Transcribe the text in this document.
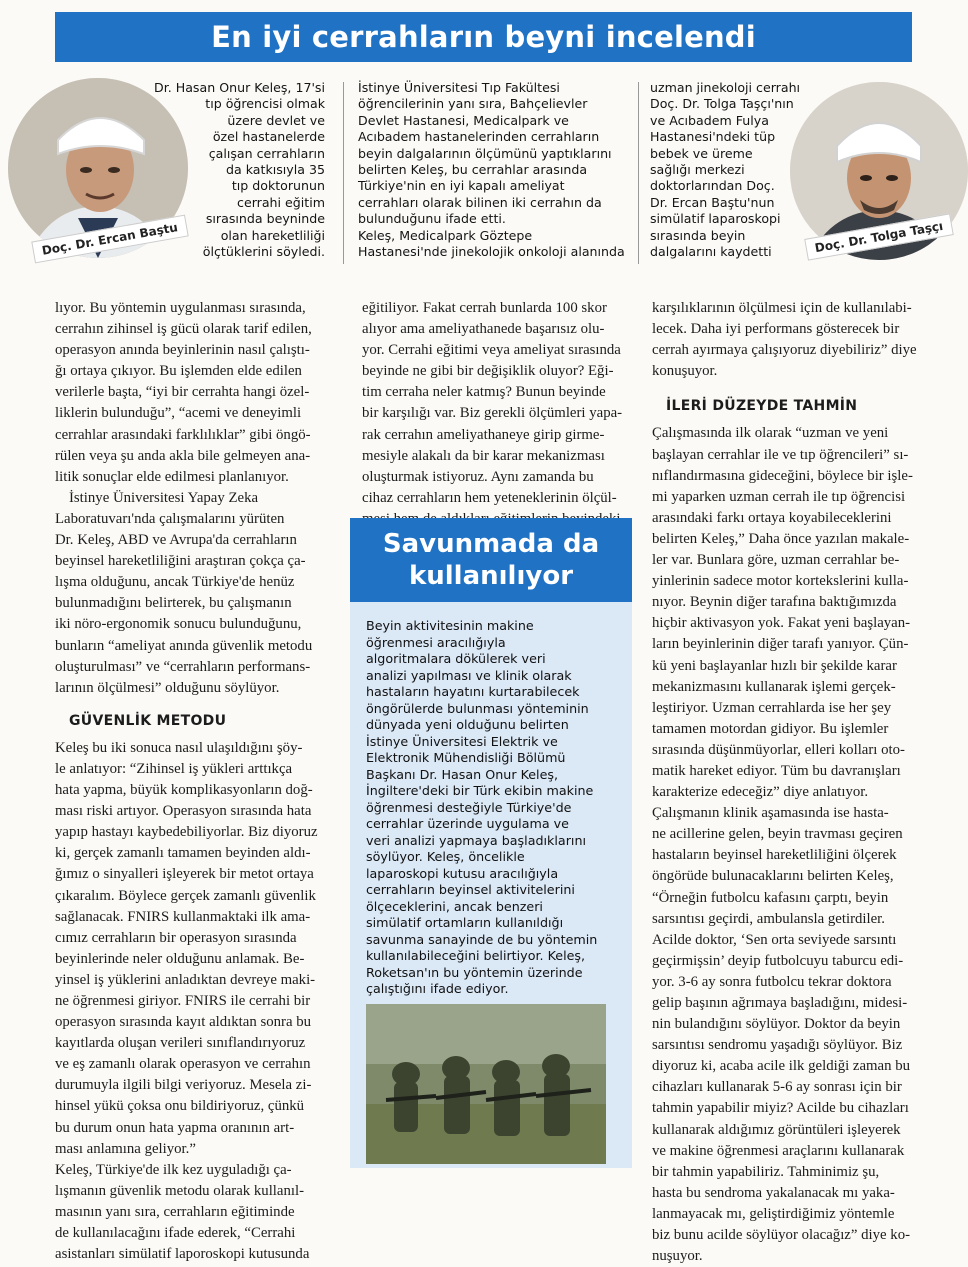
En iyi cerrahların beyni incelendi
Doç. Dr. Ercan Baştu

Dr. Hasan Onur Keleş, 17'si
tıp öğrencisi olmak
üzere devlet ve
özel hastanelerde
çalışan cerrahların
da katkısıyla 35
tıp doktorunun
cerrahi eğitim
sırasında beyninde
olan hareketliliği
ölçtüklerini söyledi.

İstinye Üniversitesi Tıp Fakültesi
öğrencilerinin yanı sıra, Bahçelievler
Devlet Hastanesi, Medicalpark ve
Acıbadem hastanelerinden cerrahların
beyin dalgalarının ölçümünü yaptıklarını
belirten Keleş, bu cerrahlar arasında
Türkiye'nin en iyi kapalı ameliyat
cerrahları olarak bilinen iki cerrahın da
bulunduğunu ifade etti.
Keleş, Medicalpark Göztepe
Hastanesi'nde jinekolojik onkoloji alanında

uzman jinekoloji cerrahı
Doç. Dr. Tolga Taşçı'nın
ve Acıbadem Fulya
Hastanesi'ndeki tüp
bebek ve üreme
sağlığı merkezi
doktorlarından Doç.
Dr. Ercan Baştu'nun
simülatif laparoskopi
sırasında beyin
dalgalarını kaydetti	Doç. Dr. Tolga Taşçı

lıyor. Bu yöntemin uygulanması sırasında,
cerrahın zihinsel iş gücü olarak tarif edilen,
operasyon anında beyinlerinin nasıl çalıştı-
ğı ortaya çıkıyor. Bu işlemden elde edilen
verilerle başta, “iyi bir cerrahta hangi özel-
liklerin bulunduğu”, “acemi ve deneyimli
cerrahlar arasındaki farklılıklar” gibi öngö-
rülen veya şu anda akla bile gelmeyen ana-
litik sonuçlar elde edilmesi planlanıyor.

İstinye Üniversitesi Yapay Zeka
Laboratuvarı'nda çalışmalarını yürüten
Dr. Keleş, ABD ve Avrupa'da cerrahların
beyinsel hareketliliğini araştıran çokça ça-
lışma olduğunu, ancak Türkiye'de henüz
bulunmadığını belirterek, bu çalışmanın
iki nöro-ergonomik sonucu bulunduğunu,
bunların “ameliyat anında güvenlik metodu
oluşturulması” ve “cerrahların performans-
larının ölçülmesi” olduğunu söylüyor.

GÜVENLİK METODU

Keleş bu iki sonuca nasıl ulaşıldığını şöy-
le anlatıyor: “Zihinsel iş yükleri arttıkça
hata yapma, büyük komplikasyonların doğ-
ması riski artıyor. Operasyon sırasında hata
yapıp hastayı kaybedebiliyorlar. Biz diyoruz
ki, gerçek zamanlı tamamen beyinden aldı-
ğımız o sinyalleri işleyerek bir metot ortaya
çıkaralım. Böylece gerçek zamanlı güvenlik
sağlanacak. FNIRS kullanmaktaki ilk ama-
cımız cerrahların bir operasyon sırasında
beyinlerinde neler olduğunu anlamak. Be-
yinsel iş yüklerini anladıktan devreye maki-
ne öğrenmesi giriyor. FNIRS ile cerrahi bir
operasyon sırasında kayıt aldıktan sonra bu
kayıtlarda oluşan verileri sınıflandırıyoruz
ve eş zamanlı olarak operasyon ve cerrahın
durumuyla ilgili bilgi veriyoruz. Mesela zi-
hinsel yükü çoksa onu bildiriyoruz, çünkü
bu durum onun hata yapma oranının art-
ması anlamına geliyor.”

Keleş, Türkiye'de ilk kez uyguladığı ça-
lışmanın güvenlik metodu olarak kullanıl-
masının yanı sıra, cerrahların eğitiminde
de kullanılacağını ifade ederek, “Cerrahi
asistanları simülatif laporoskopi kutusunda

eğitiliyor. Fakat cerrah bunlarda 100 skor
alıyor ama ameliyathanede başarısız olu-
yor. Cerrahi eğitimi veya ameliyat sırasında
beyinde ne gibi bir değişiklik oluyor? Eği-
tim cerraha neler katmış? Bunun beyinde
bir karşılığı var. Biz gerekli ölçümleri yapa-
rak cerrahın ameliyathaneye girip girme-
mesiyle alakalı da bir karar mekanizması
oluşturmak istiyoruz. Aynı zamanda bu
cihaz cerrahların hem yeteneklerinin ölçül-

Savunmada da
kullanılıyor

Beyin aktivitesinin makine
öğrenmesi aracılığıyla
algoritmalara dökülerek veri
analizi yapılması ve klinik olarak
hastaların hayatını kurtarabilecek
öngörülerde bulunması yönteminin
dünyada yeni olduğunu belirten
İstinye Üniversitesi Elektrik ve
Elektronik Mühendisliği Bölümü
Başkanı Dr. Hasan Onur Keleş,
İngiltere'deki bir Türk ekibin makine
öğrenmesi desteğiyle Türkiye'de
cerrahlar üzerinde uygulama ve
veri analizi yapmaya başladıklarını
söylüyor. Keleş, öncelikle
laparoskopi kutusu aracılığıyla
cerrahların beyinsel aktivitelerini
ölçeceklerini, ancak benzeri
simülatif ortamların kullanıldığı
savunma sanayinde de bu yöntemin
kullanılabileceğini belirtiyor. Keleş,
Roketsan'ın bu yöntemin üzerinde
çalıştığını ifade ediyor.

karşılıklarının ölçülmesi için de kullanılabi-
lecek. Daha iyi performans gösterecek bir
cerrah ayırmaya çalışıyoruz diyebiliriz” diye
konuşuyor.

İLERİ DÜZEYDE TAHMİN

Çalışmasında ilk olarak “uzman ve yeni
başlayan cerrahlar ile ve tıp öğrencileri” sı-
nıflandırmasına gideceğini, böylece bir işle-
mi yaparken uzman cerrah ile tıp öğrencisi
arasındaki farkı ortaya koyabileceklerini
belirten Keleş,” Daha önce yazılan makale-
ler var. Bunlara göre, uzman cerrahlar be-
yinlerinin sadece motor kortekslerini kulla-
nıyor. Beynin diğer tarafına baktığımızda
hiçbir aktivasyon yok. Fakat yeni başlayan-
ların beyinlerinin diğer tarafı yanıyor. Çün-
kü yeni başlayanlar hızlı bir şekilde karar
mekanizmasını kullanarak işlemi gerçek-
leştiriyor. Uzman cerrahlarda ise her şey
tamamen motordan gidiyor. Bu işlemler
sırasında düşünmüyorlar, elleri kolları oto-
matik hareket ediyor. Tüm bu davranışları
karakterize edeceğiz” diye anlatıyor.

Çalışmanın klinik aşamasında ise hasta-
ne acillerine gelen, beyin travması geçiren
hastaların beyinsel hareketliliğini ölçerek
öngörüde bulunacaklarını belirten Keleş,
“Örneğin futbolcu kafasını çarptı, beyin
sarsıntısı geçirdi, ambulansla getirdiler.
Acilde doktor, ‘Sen orta seviyede sarsıntı
geçirmişsin’ deyip futbolcuyu taburcu edi-
yor. 3-6 ay sonra futbolcu tekrar doktora
gelip başının ağrımaya başladığını, midesi-
nin bulandığını söylüyor. Doktor da beyin
sarsıntısı sendromu yaşadığı söylüyor. Biz
diyoruz ki, acaba acile ilk geldiği zaman bu
cihazları kullanarak 5-6 ay sonrası için bir
tahmin yapabilir miyiz? Acilde bu cihazları
kullanarak aldığımız görüntüleri işleyerek
ve makine öğrenmesi araçlarını kullanarak
bir tahmin yapabiliriz. Tahminimiz şu,
hasta bu sendroma yakalanacak mı yaka-
lanmayacak mı, geliştirdiğimiz yöntemle
biz bunu acilde söylüyor olacağız” diye ko-
nuşuyor.
